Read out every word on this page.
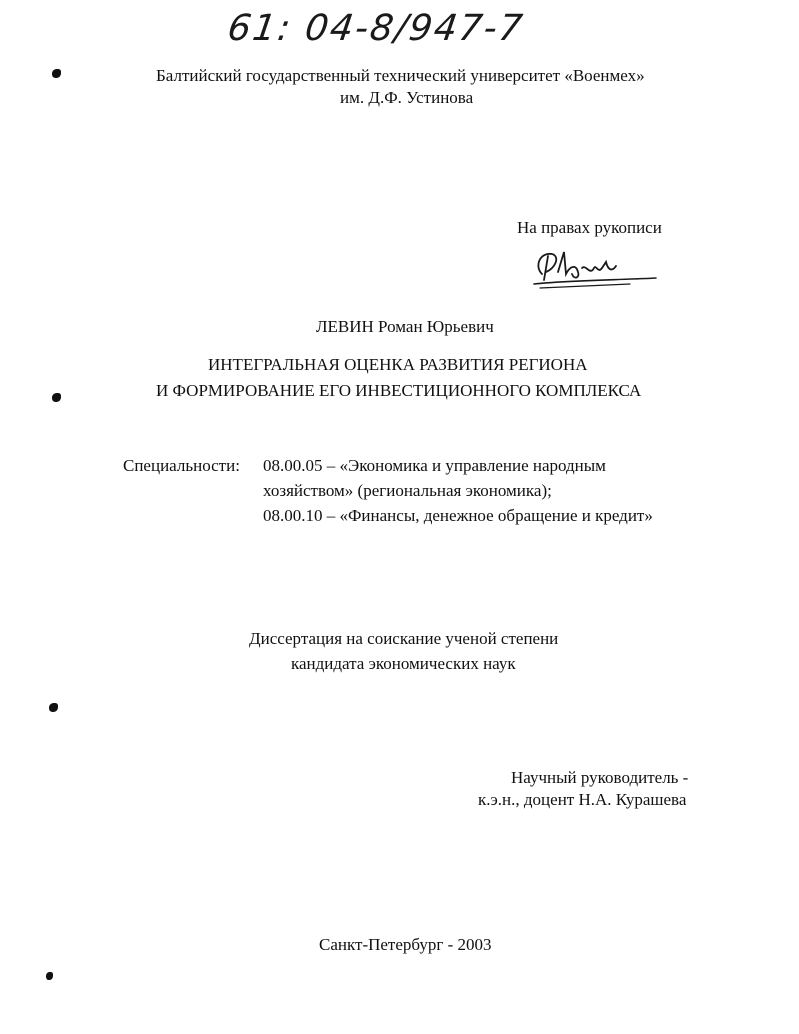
61: 04-8/947-7
Балтийский государственный технический университет «Военмех»
им. Д.Ф. Устинова
На правах рукописи
ЛЕВИН Роман Юрьевич
ИНТЕГРАЛЬНАЯ ОЦЕНКА РАЗВИТИЯ РЕГИОНА
И ФОРМИРОВАНИЕ ЕГО ИНВЕСТИЦИОННОГО КОМПЛЕКСА
Специальности: 08.00.05 – «Экономика и управление народным
хозяйством» (региональная экономика);
08.00.10 – «Финансы, денежное обращение и кредит»
Диссертация на соискание ученой степени
кандидата экономических наук
Научный руководитель -
к.э.н., доцент Н.А. Курашева
Санкт-Петербург - 2003
